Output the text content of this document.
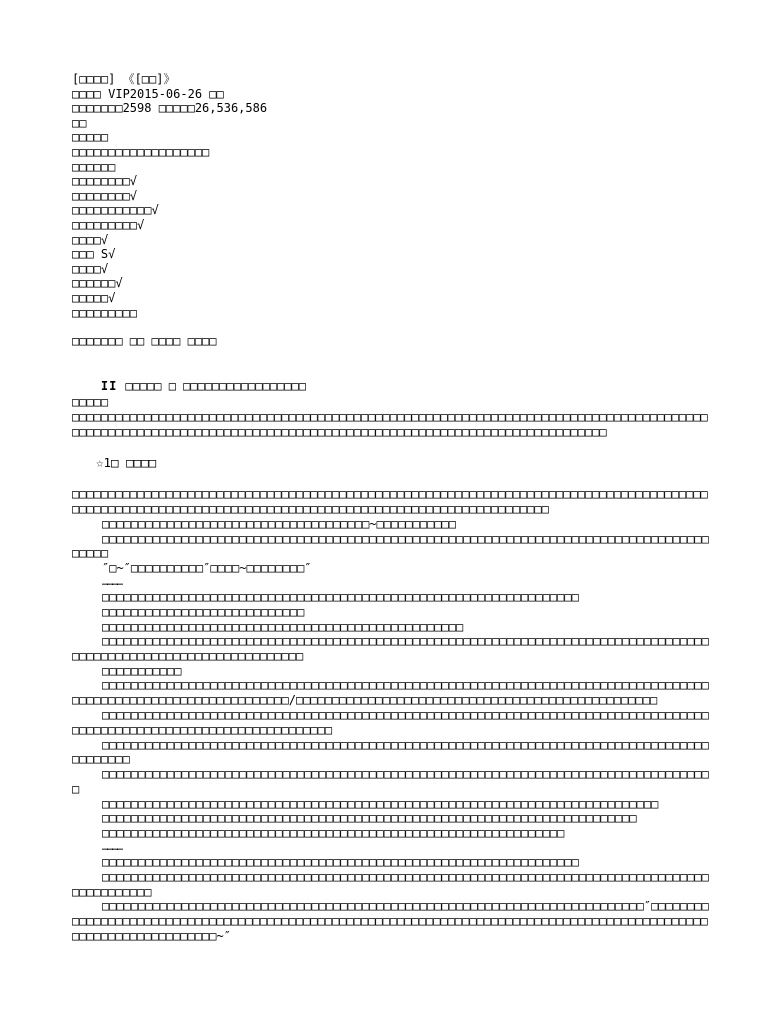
[□□□□] 《[□□]》
□□□□ VIP2015-06-26 □□
□□□□□□□2598 □□□□□26,536,586
□□
□□□□□
□□□□□□□□□□□□□□□□□□□
□□□□□□
□□□□□□□□√
□□□□□□□□√
□□□□□□□□□□□√
□□□□□□□□□√
□□□□√
□□□ S√
□□□□√
□□□□□□√
□□□□□√
□□□□□□□□□
□□□□□□□ □□ □□□□ □□□□

II □□□□□ □ □□□□□□□□□□□□□□□□□

□□□□□
□□□□□□□□□□□□□□□□□□□□□□□□□□□□□□□□□□□□□□□□□□□□□□□□□□□□□□□□□□□□□□□□□□□□□□□□□□□□□□□□□□□□□□□□□□□□□□□□□□□□□□□□□□□□□□□□□□□□□□□□□□□□□□□□□□□□□□□□□□□□□□□□□□□□□□□□□□□□□□□□□□
☆1□ □□□□
□□□□□□□□□□□□□□□□□□□□□□□□□□□□□□□□□□□□□□□□□□□□□□□□□□□□□□□□□□□□□□□□□□□□□□□□□□□□□□□□□□□□□□□□□□□□□□□□□□□□□□□□□□□□□□□□□□□□□□□□□□□□□□□□□□□□□□□□□□□□□□□□□□□□□□□□□□
□□□□□□□□□□□□□□□□□□□□□□□□□□□□□□□□□□□□□~□□□□□□□□□□□
□□□□□□□□□□□□□□□□□□□□□□□□□□□□□□□□□□□□□□□□□□□□□□□□□□□□□□□□□□□□□□□□□□□□□□□□□□□□□□□□□□□□□□□□□
″□~″□□□□□□□□□□″□□□□~□□□□□□□□″
…………
□□□□□□□□□□□□□□□□□□□□□□□□□□□□□□□□□□□□□□□□□□□□□□□□□□□□□□□□□□□□□□□□□□
□□□□□□□□□□□□□□□□□□□□□□□□□□□□
□□□□□□□□□□□□□□□□□□□□□□□□□□□□□□□□□□□□□□□□□□□□□□□□□□
□□□□□□□□□□□□□□□□□□□□□□□□□□□□□□□□□□□□□□□□□□□□□□□□□□□□□□□□□□□□□□□□□□□□□□□□□□□□□□□□□□□□□□□□□□□□□□□□□□□□□□□□□□□□□□□□□□□□
□□□□□□□□□□□
□□□□□□□□□□□□□□□□□□□□□□□□□□□□□□□□□□□□□□□□□□□□□□□□□□□□□□□□□□□□□□□□□□□□□□□□□□□□□□□□□□□□□□□□□□□□□□□□□□□□□□□□□□□□□□□□□□/□□□□□□□□□□□□□□□□□□□□□□□□□□□□□□□□□□□□□□□□□□□□□□□□□□
□□□□□□□□□□□□□□□□□□□□□□□□□□□□□□□□□□□□□□□□□□□□□□□□□□□□□□□□□□□□□□□□□□□□□□□□□□□□□□□□□□□□□□□□□□□□□□□□□□□□□□□□□□□□□□□□□□□□□□□□
□□□□□□□□□□□□□□□□□□□□□□□□□□□□□□□□□□□□□□□□□□□□□□□□□□□□□□□□□□□□□□□□□□□□□□□□□□□□□□□□□□□□□□□□□□□□
□□□□□□□□□□□□□□□□□□□□□□□□□□□□□□□□□□□□□□□□□□□□□□□□□□□□□□□□□□□□□□□□□□□□□□□□□□□□□□□□□□□□□
□□□□□□□□□□□□□□□□□□□□□□□□□□□□□□□□□□□□□□□□□□□□□□□□□□□□□□□□□□□□□□□□□□□□□□□□□□□□□
□□□□□□□□□□□□□□□□□□□□□□□□□□□□□□□□□□□□□□□□□□□□□□□□□□□□□□□□□□□□□□□□□□□□□□□□□□
□□□□□□□□□□□□□□□□□□□□□□□□□□□□□□□□□□□□□□□□□□□□□□□□□□□□□□□□□□□□□□□□
…………
□□□□□□□□□□□□□□□□□□□□□□□□□□□□□□□□□□□□□□□□□□□□□□□□□□□□□□□□□□□□□□□□□□
□□□□□□□□□□□□□□□□□□□□□□□□□□□□□□□□□□□□□□□□□□□□□□□□□□□□□□□□□□□□□□□□□□□□□□□□□□□□□□□□□□□□□□□□□□□□□□□
□□□□□□□□□□□□□□□□□□□□□□□□□□□□□□□□□□□□□□□□□□□□□□□□□□□□□□□□□□□□□□□□□□□□□□□□□□□″□□□□□□□□□□□□□□□□□□□□□□□□□□□□□□□□□□□□□□□□□□□□□□□□□□□□□□□□□□□□□□□□□□□□□□□□□□□□□□□□□□□□□□□□□□□□□□□□□□□□□□□□□□□□□□□□□□□□~″
